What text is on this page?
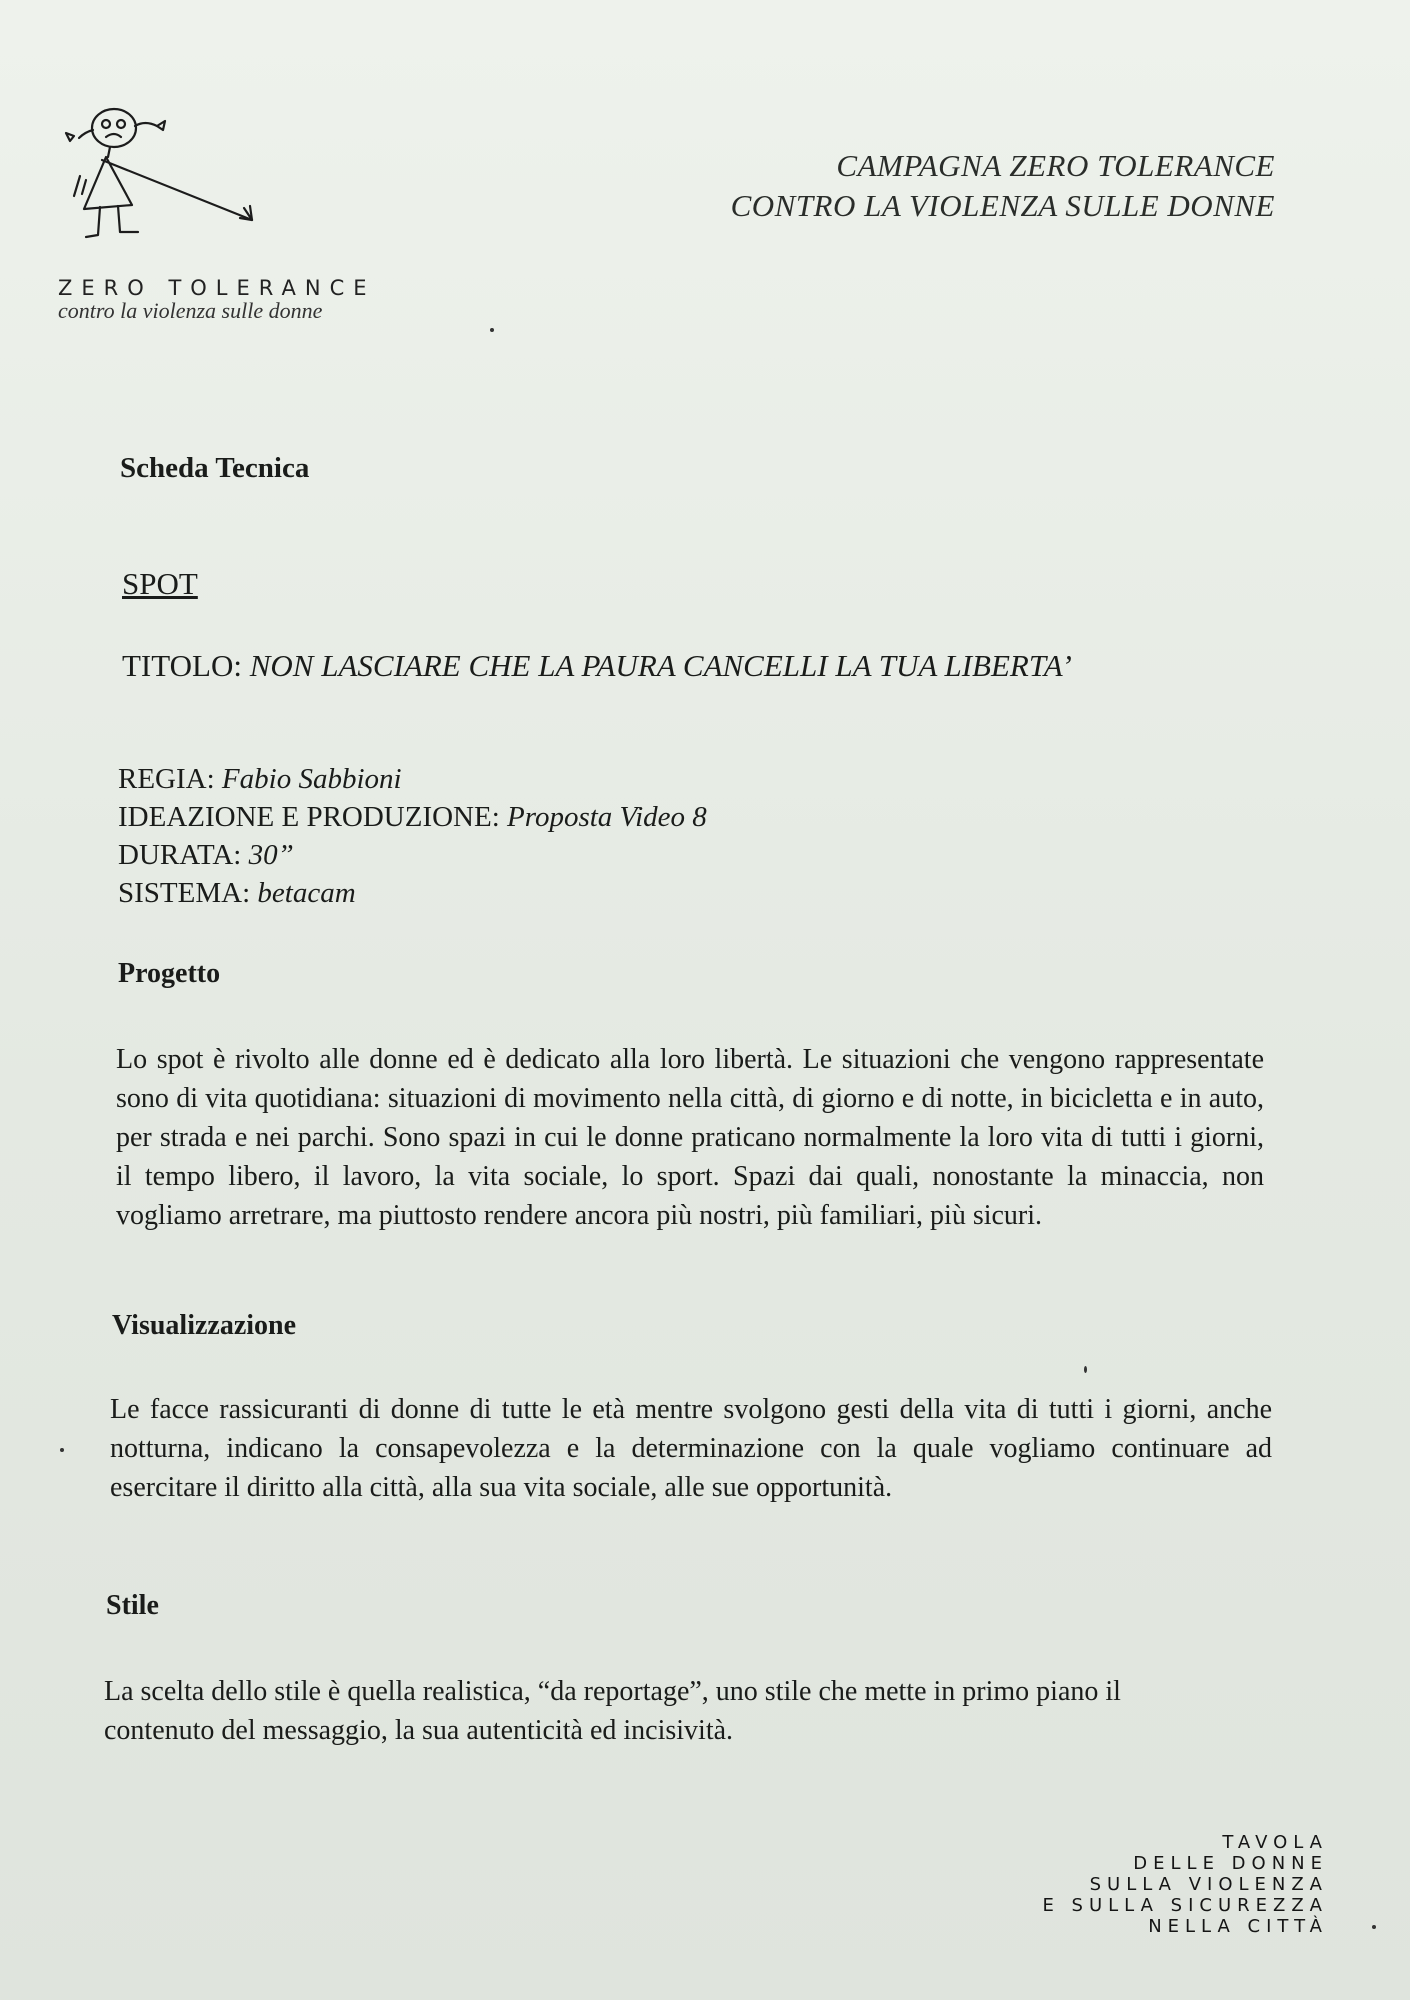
ZERO TOLERANCE
contro la violenza sulle donne
CAMPAGNA ZERO TOLERANCE
CONTRO LA VIOLENZA SULLE DONNE
Scheda Tecnica
SPOT
TITOLO: NON LASCIARE CHE LA PAURA CANCELLI LA TUA LIBERTA’
REGIA: Fabio Sabbioni
IDEAZIONE E PRODUZIONE: Proposta Video 8
DURATA: 30”
SISTEMA: betacam
Progetto
Lo spot è rivolto alle donne ed è dedicato alla loro libertà. Le situazioni che vengono rappresentate sono di vita quotidiana: situazioni di movimento nella città, di giorno e di notte, in bicicletta e in auto, per strada e nei parchi. Sono spazi in cui le donne praticano normalmente la loro vita di tutti i giorni, il tempo libero, il lavoro, la vita sociale, lo sport. Spazi dai quali, nonostante la minaccia, non vogliamo arretrare, ma piuttosto rendere ancora più nostri, più familiari, più sicuri.
Visualizzazione
Le facce rassicuranti di donne di tutte le età mentre svolgono gesti della vita di tutti i giorni, anche notturna, indicano la consapevolezza e la determinazione con la quale vogliamo continuare ad esercitare il diritto alla città, alla sua vita sociale, alle sue opportunità.
Stile
La scelta dello stile è quella realistica, “da reportage”, uno stile che mette in primo piano il contenuto del messaggio, la sua autenticità ed incisività.
TAVOLA
DELLE DONNE
SULLA VIOLENZA
E SULLA SICUREZZA
NELLA CITTÀ
